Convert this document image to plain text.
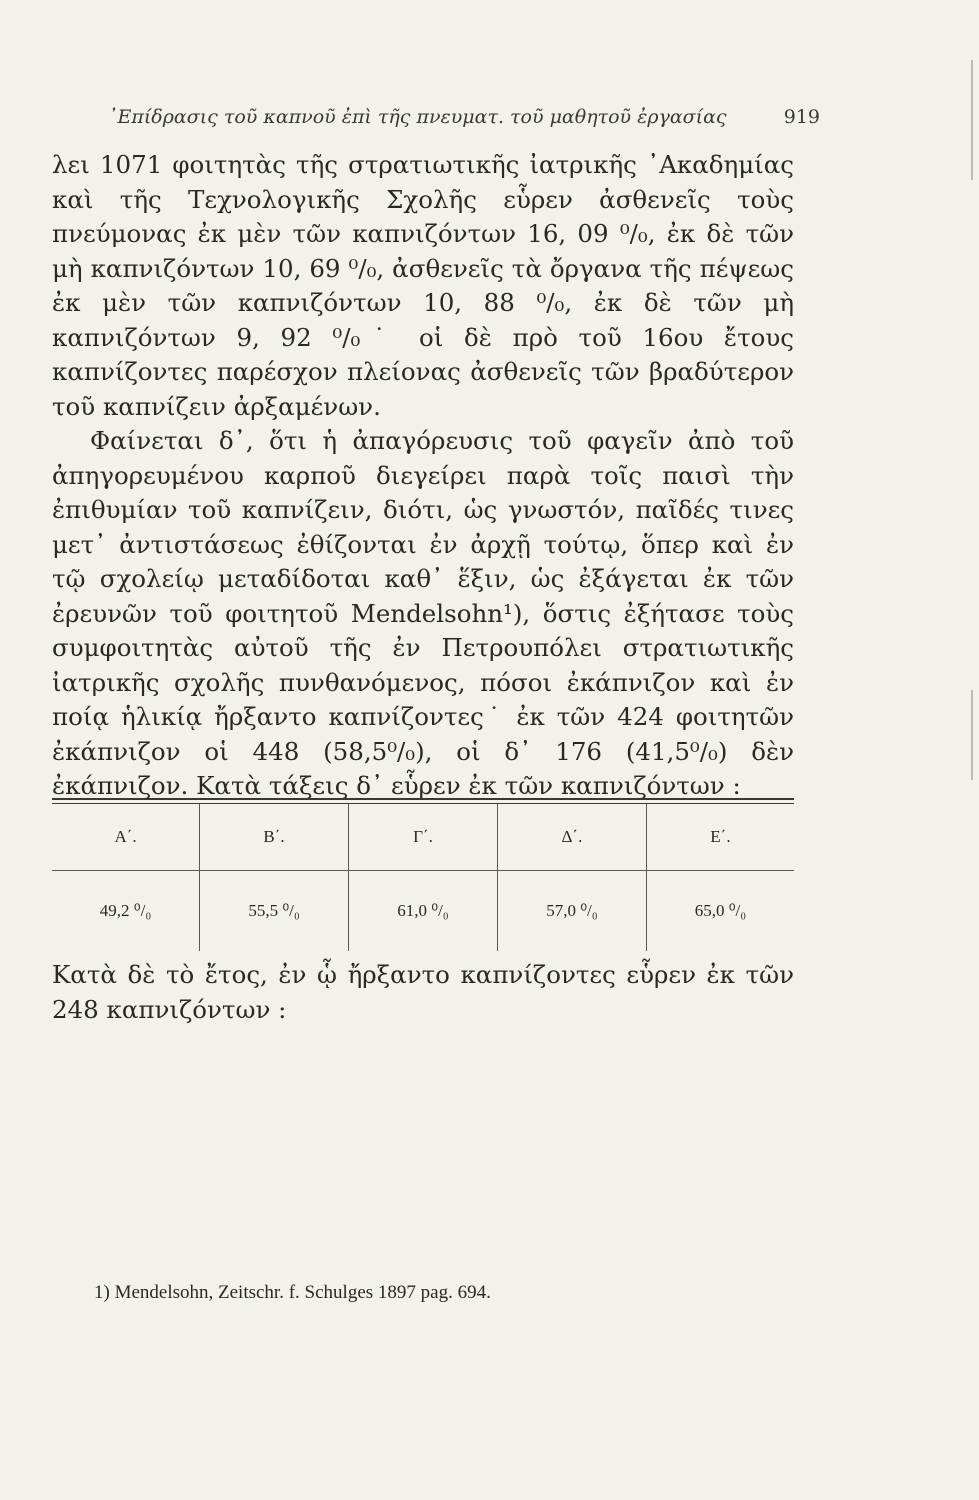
᾿Επίδρασις τοῦ καπνοῦ ἐπὶ τῆς πνευματ. τοῦ μαθητοῦ ἐργασίας	919

λει 1071 φοιτητὰς τῆς στρατιωτικῆς ἰατρικῆς ᾿Ακαδημίας καὶ τῆς Τεχνολογικῆς Σχολῆς εὗρεν ἀσθενεῖς τοὺς πνεύμονας ἐκ μὲν τῶν καπνιζόντων 16, 09 ⁰/₀, ἐκ δὲ τῶν μὴ καπνιζόντων 10, 69 ⁰/₀, ἀσθενεῖς τὰ ὄργανα τῆς πέψεως ἐκ μὲν τῶν καπνιζόντων 10, 88 ⁰/₀, ἐκ δὲ τῶν μὴ καπνιζόντων 9, 92 ⁰/₀˙ οἱ δὲ πρὸ τοῦ 16ου ἔτους καπνίζοντες παρέσχον πλείονας ἀσθενεῖς τῶν βραδύτερον τοῦ καπνίζειν ἀρξαμένων.

Φαίνεται δ᾿, ὅτι ἡ ἀπαγόρευσις τοῦ φαγεῖν ἀπὸ τοῦ ἀπηγορευμένου καρποῦ διεγείρει παρὰ τοῖς παισὶ τὴν ἐπιθυμίαν τοῦ καπνίζειν, διότι, ὡς γνωστόν, παῖδές τινες μετ᾿ ἀντιστάσεως ἐθίζονται ἐν ἀρχῇ τούτῳ, ὅπερ καὶ ἐν τῷ σχολείῳ μεταδίδοται καθ᾿ ἕξιν, ὡς ἐξάγεται ἐκ τῶν ἐρευνῶν τοῦ φοιτητοῦ Mendelsohn¹), ὅστις ἐξήτασε τοὺς συμφοιτητὰς αὐτοῦ τῆς ἐν Πετρουπόλει στρατιωτικῆς ἰατρικῆς σχολῆς πυνθανόμενος, πόσοι ἐκάπνιζον καὶ ἐν ποίᾳ ἡλικίᾳ ἤρξαντο καπνίζοντες˙ ἐκ τῶν 424 φοιτητῶν ἐκάπνιζον οἱ 448 (58,5⁰/₀), οἱ δ᾿ 176 (41,5⁰/₀) δὲν ἐκάπνιζον. Κατὰ τάξεις δ᾿ εὗρεν ἐκ τῶν καπνιζόντων :

Α΄.	Β΄.	Γ΄.	Δ΄.	Ε΄.
49,2 ⁰/₀	55,5 ⁰/₀	61,0 ⁰/₀	57,0 ⁰/₀	65,0 ⁰/₀

Κατὰ δὲ τὸ ἔτος, ἐν ᾧ ἤρξαντο καπνίζοντες εὗρεν ἐκ τῶν 248 καπνιζόντων :

1) Mendelsohn, Zeitschr. f. Schulges 1897 pag. 694.
